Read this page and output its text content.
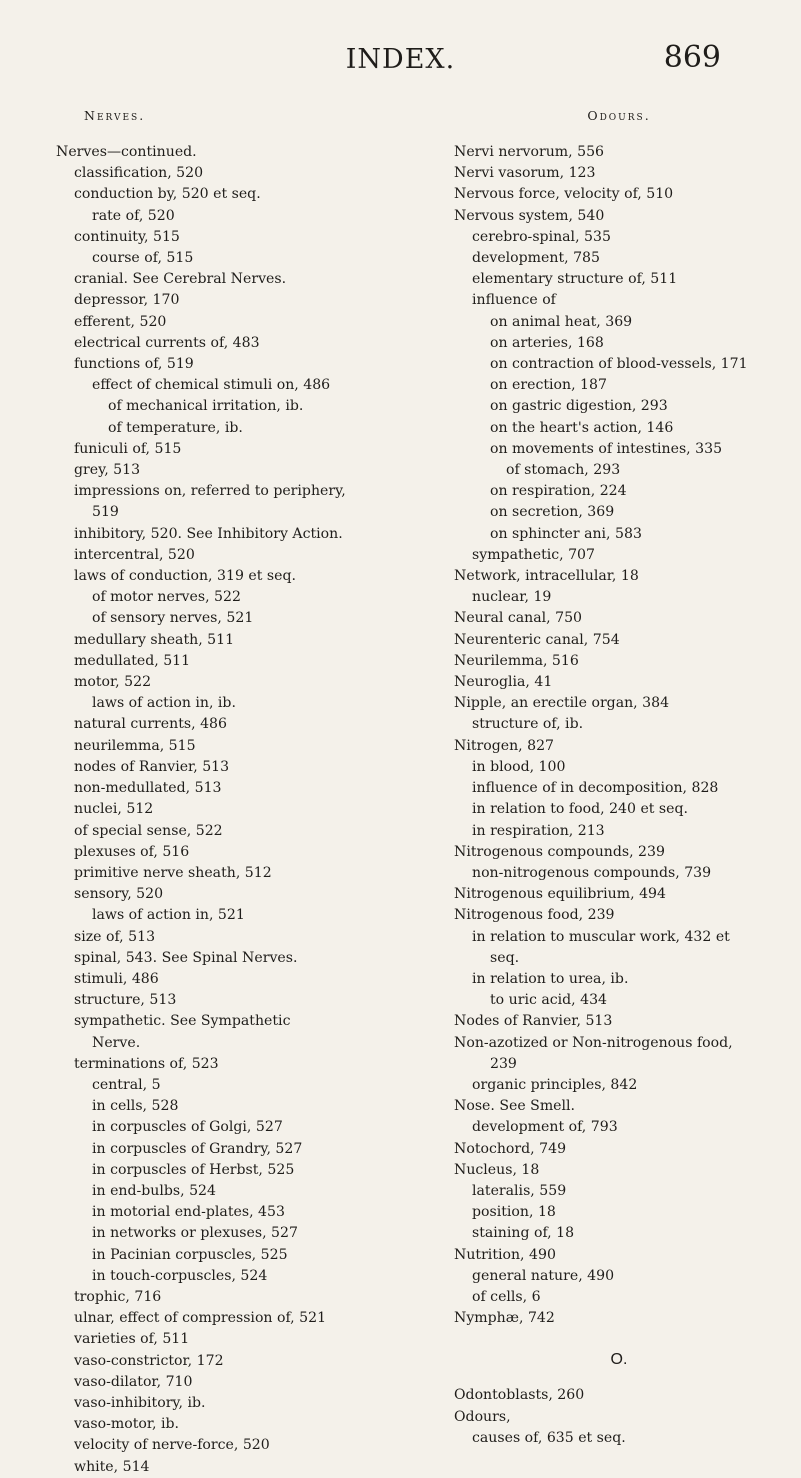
INDEX.	869
Nerves.
Nerves—continued.
classification, 520
conduction by, 520 et seq.
rate of, 520
continuity, 515
course of, 515
cranial. See Cerebral Nerves.
depressor, 170
efferent, 520
electrical currents of, 483
functions of, 519
effect of chemical stimuli on, 486
of mechanical irritation, ib.
of temperature, ib.
funiculi of, 515
grey, 513
impressions on, referred to periphery,
519
inhibitory, 520. See Inhibitory Action.
intercentral, 520
laws of conduction, 319 et seq.
of motor nerves, 522
of sensory nerves, 521
medullary sheath, 511
medullated, 511
motor, 522
laws of action in, ib.
natural currents, 486
neurilemma, 515
nodes of Ranvier, 513
non-medullated, 513
nuclei, 512
of special sense, 522
plexuses of, 516
primitive nerve sheath, 512
sensory, 520
laws of action in, 521
size of, 513
spinal, 543. See Spinal Nerves.
stimuli, 486
structure, 513
sympathetic. See Sympathetic
Nerve.
terminations of, 523
central, 5
in cells, 528
in corpuscles of Golgi, 527
in corpuscles of Grandry, 527
in corpuscles of Herbst, 525
in end-bulbs, 524
in motorial end-plates, 453
in networks or plexuses, 527
in Pacinian corpuscles, 525
in touch-corpuscles, 524
trophic, 716
ulnar, effect of compression of, 521
varieties of, 511
vaso-constrictor, 172
vaso-dilator, 710
vaso-inhibitory, ib.
vaso-motor, ib.
velocity of nerve-force, 520
white, 514
Odours.
Nervi nervorum, 556
Nervi vasorum, 123
Nervous force, velocity of, 510
Nervous system, 540
cerebro-spinal, 535
development, 785
elementary structure of, 511
influence of
on animal heat, 369
on arteries, 168
on contraction of blood-vessels, 171
on erection, 187
on gastric digestion, 293
on the heart's action, 146
on movements of intestines, 335
of stomach, 293
on respiration, 224
on secretion, 369
on sphincter ani, 583
sympathetic, 707
Network, intracellular, 18
nuclear, 19
Neural canal, 750
Neurenteric canal, 754
Neurilemma, 516
Neuroglia, 41
Nipple, an erectile organ, 384
structure of, ib.
Nitrogen, 827
in blood, 100
influence of in decomposition, 828
in relation to food, 240 et seq.
in respiration, 213
Nitrogenous compounds, 239
non-nitrogenous compounds, 739
Nitrogenous equilibrium, 494
Nitrogenous food, 239
in relation to muscular work, 432 et
seq.
in relation to urea, ib.
to uric acid, 434
Nodes of Ranvier, 513
Non-azotized or Non-nitrogenous food,
239
organic principles, 842
Nose. See Smell.
development of, 793
Notochord, 749
Nucleus, 18
lateralis, 559
position, 18
staining of, 18
Nutrition, 490
general nature, 490
of cells, 6
Nymphæ, 742
O.
Odontoblasts, 260
Odours,
causes of, 635 et seq.
